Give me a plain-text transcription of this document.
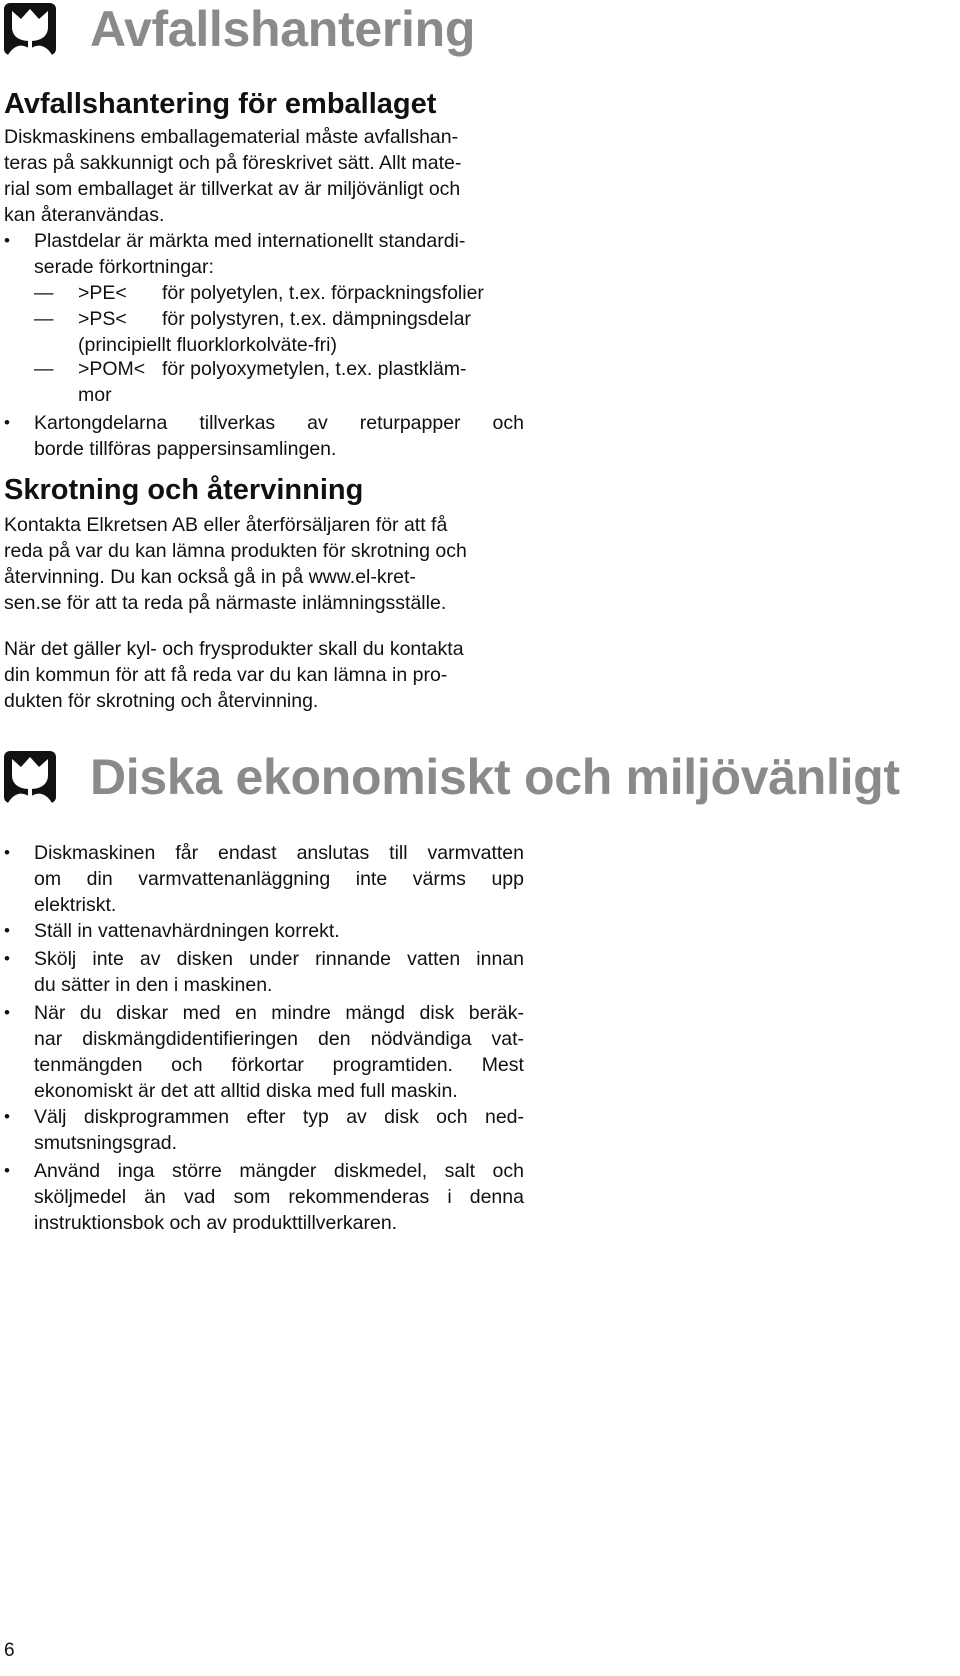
Avfallshantering
Avfallshantering för emballaget
Diskmaskinens emballagematerial måste avfallshan-
teras på sakkunnigt och på föreskrivet sätt. Allt mate-
rial som emballaget är tillverkat av är miljövänligt och
kan återanvändas.
•	Plastdelar är märkta med internationellt standardi-
serade förkortningar:
— >PE< för polyetylen, t.ex. förpackningsfolier
— >PS< för polystyren, t.ex. dämpningsdelar
(principiellt fluorklorkolväte-fri)
— >POM< för polyoxymetylen, t.ex. plastkläm-
mor
•	Kartongdelarna tillverkas av returpapper och
borde tillföras pappersinsamlingen.
Skrotning och återvinning
Kontakta Elkretsen AB eller återförsäljaren för att få
reda på var du kan lämna produkten för skrotning och
återvinning. Du kan också gå in på www.el-kret-
sen.se för att ta reda på närmaste inlämningsställe.
När det gäller kyl- och frysprodukter skall du kontakta
din kommun för att få reda var du kan lämna in pro-
dukten för skrotning och återvinning.
Diska ekonomiskt och miljövänligt
•	Diskmaskinen får endast anslutas till varmvatten
om din varmvattenanläggning inte värms upp
elektriskt.
•	Ställ in vattenavhärdningen korrekt.
•	Skölj inte av disken under rinnande vatten innan
du sätter in den i maskinen.
•	När du diskar med en mindre mängd disk beräk-
nar diskmängdidentifieringen den nödvändiga vat-
tenmängden och förkortar programtiden. Mest
ekonomiskt är det att alltid diska med full maskin.
•	Välj diskprogrammen efter typ av disk och ned-
smutsningsgrad.
•	Använd inga större mängder diskmedel, salt och
sköljmedel än vad som rekommenderas i denna
instruktionsbok och av produkttillverkaren.
6
